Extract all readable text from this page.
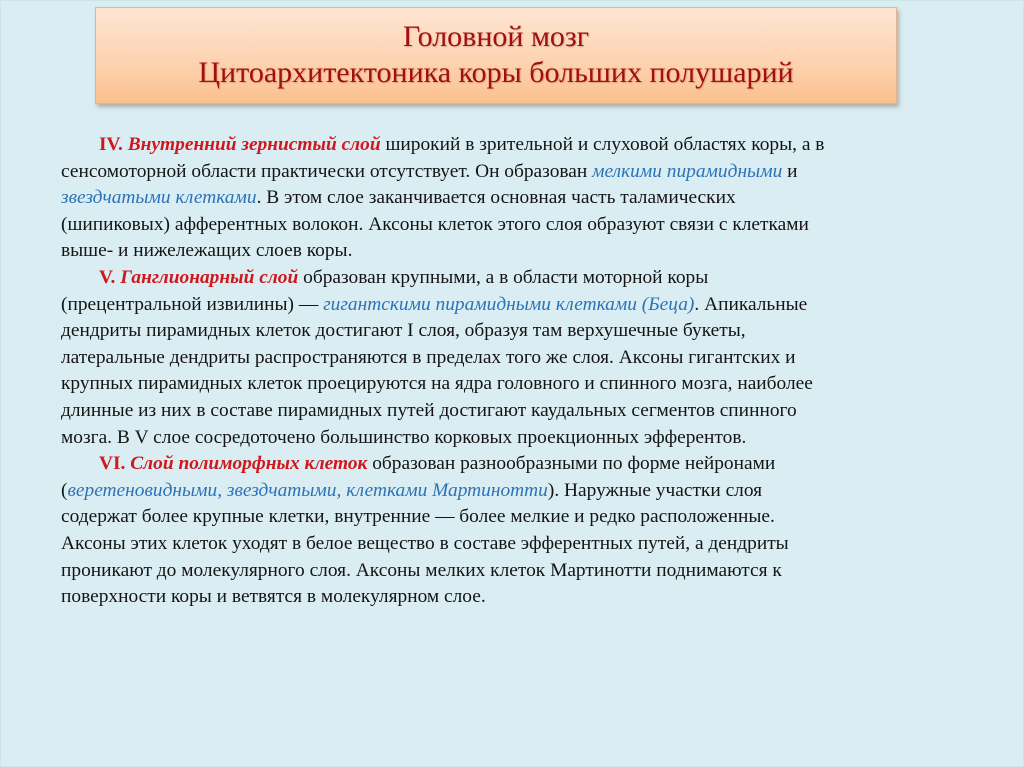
Головной мозг
Цитоархитектоника коры больших полушарий
IV. Внутренний зернистый слой широкий в зрительной и слуховой областях коры, а в
сенсомоторной области практически отсутствует. Он образован мелкими пирамидными и
звездчатыми клетками. В этом слое заканчивается основная часть таламических
(шипиковых) афферентных волокон. Аксоны клеток этого слоя образуют связи с клетками
выше- и нижележащих слоев коры.
V. Ганглионарный слой образован крупными, а в области моторной коры
(прецентральной извилины) — гигантскими пирамидными клетками (Беца). Апикальные
дендриты пирамидных клеток достигают I слоя, образуя там верхушечные букеты,
латеральные дендриты распространяются в пределах того же слоя. Аксоны гигантских и
крупных пирамидных клеток проецируются на ядра головного и спинного мозга, наиболее
длинные из них в составе пирамидных путей достигают каудальных сегментов спинного
мозга. В V слое сосредоточено большинство корковых проекционных эфферентов.
VI. Слой полиморфных клеток образован разнообразными по форме нейронами
(веретеновидными, звездчатыми, клетками Мартинотти). Наружные участки слоя
содержат более крупные клетки, внутренние — более мелкие и редко расположенные.
Аксоны этих клеток уходят в белое вещество в составе эфферентных путей, а дендриты
проникают до молекулярного слоя. Аксоны мелких клеток Мартинотти поднимаются к
поверхности коры и ветвятся в молекулярном слое.
